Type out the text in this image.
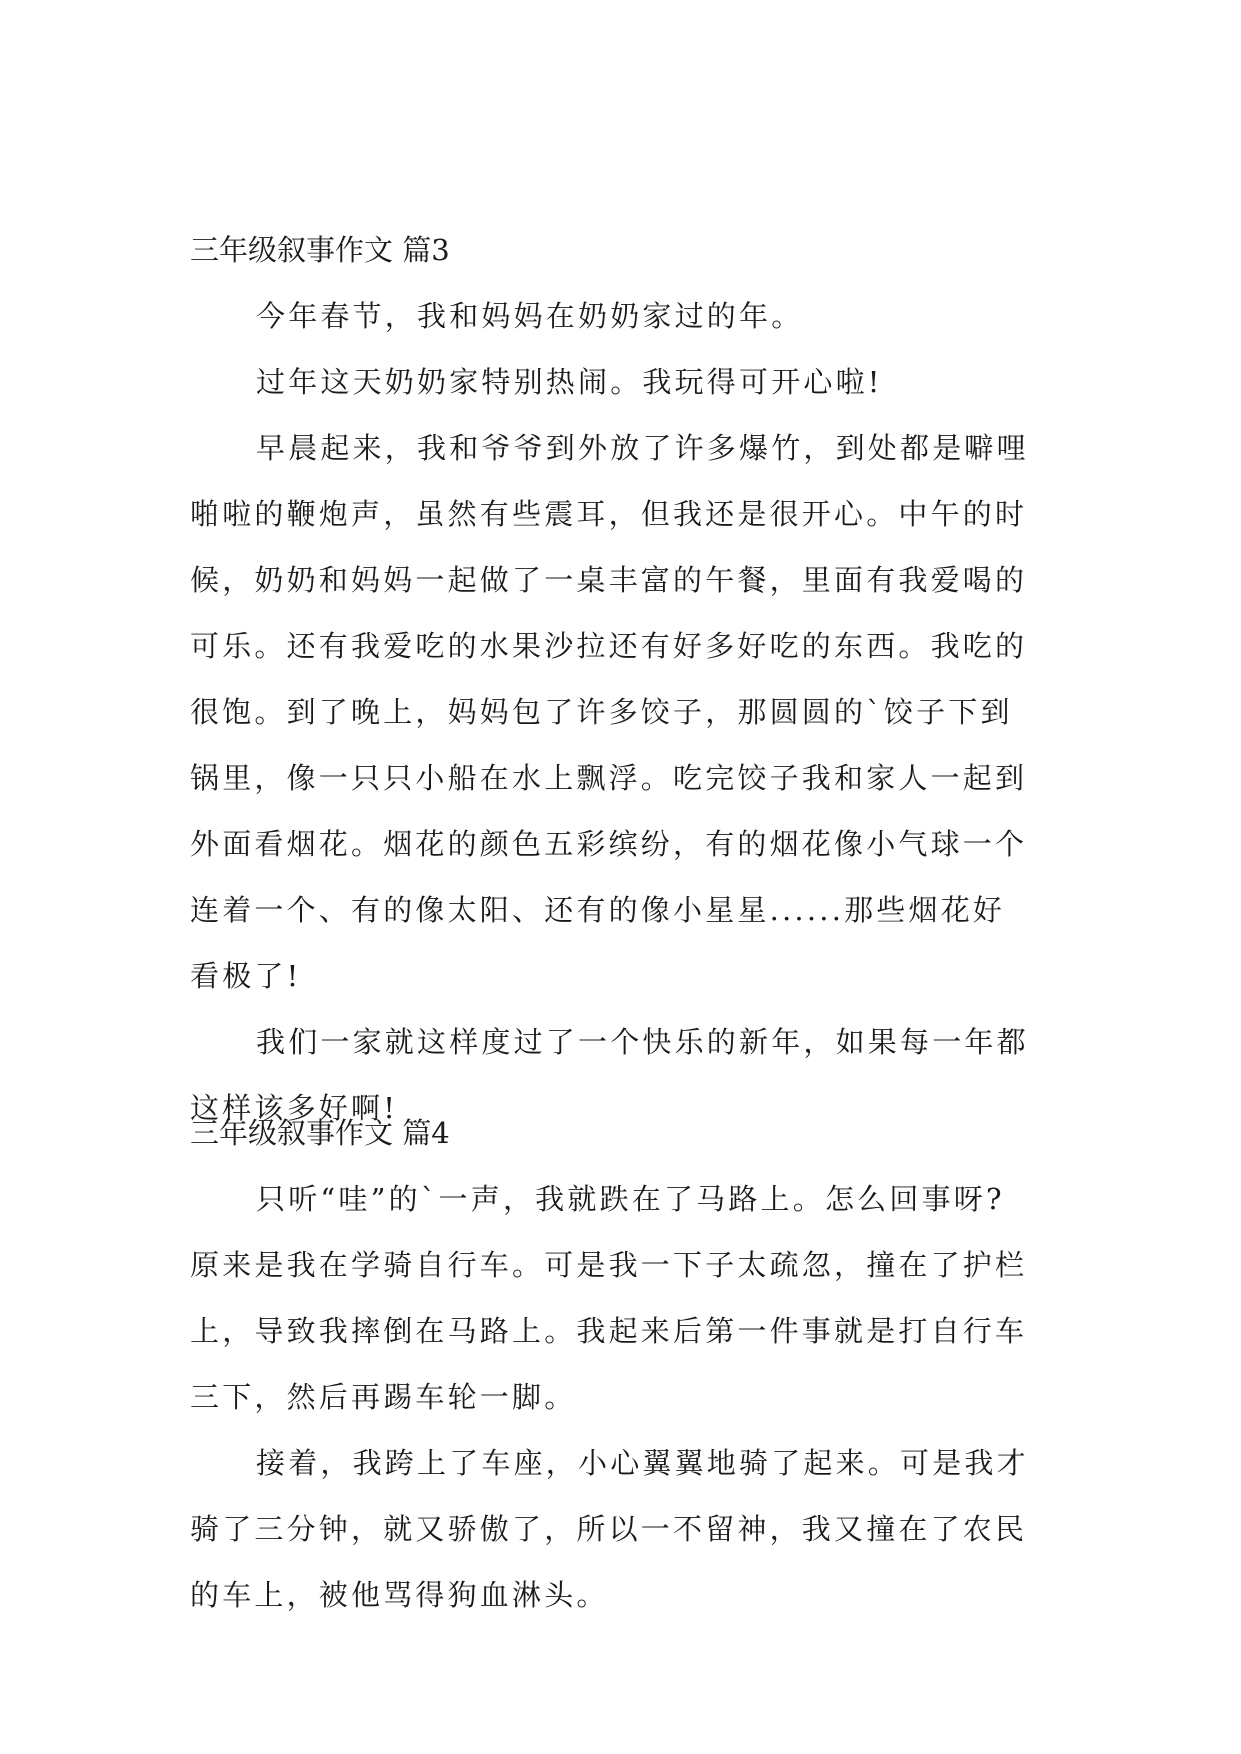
三年级叙事作文 篇3
今年春节，我和妈妈在奶奶家过的年。
过年这天奶奶家特别热闹。我玩得可开心啦!
早晨起来，我和爷爷到外放了许多爆竹，到处都是噼哩
啪啦的鞭炮声，虽然有些震耳，但我还是很开心。中午的时
候，奶奶和妈妈一起做了一桌丰富的午餐，里面有我爱喝的
可乐。还有我爱吃的水果沙拉还有好多好吃的东西。我吃的
很饱。到了晚上，妈妈包了许多饺子，那圆圆的`饺子下到
锅里，像一只只小船在水上飘浮。吃完饺子我和家人一起到
外面看烟花。烟花的颜色五彩缤纷，有的烟花像小气球一个
连着一个、有的像太阳、还有的像小星星......那些烟花好
看极了!
我们一家就这样度过了一个快乐的新年，如果每一年都
这样该多好啊!
三年级叙事作文 篇4
只听“哇”的`一声，我就跌在了马路上。怎么回事呀?
原来是我在学骑自行车。可是我一下子太疏忽，撞在了护栏
上，导致我摔倒在马路上。我起来后第一件事就是打自行车
三下，然后再踢车轮一脚。
接着，我跨上了车座，小心翼翼地骑了起来。可是我才
骑了三分钟，就又骄傲了，所以一不留神，我又撞在了农民
的车上，被他骂得狗血淋头。
